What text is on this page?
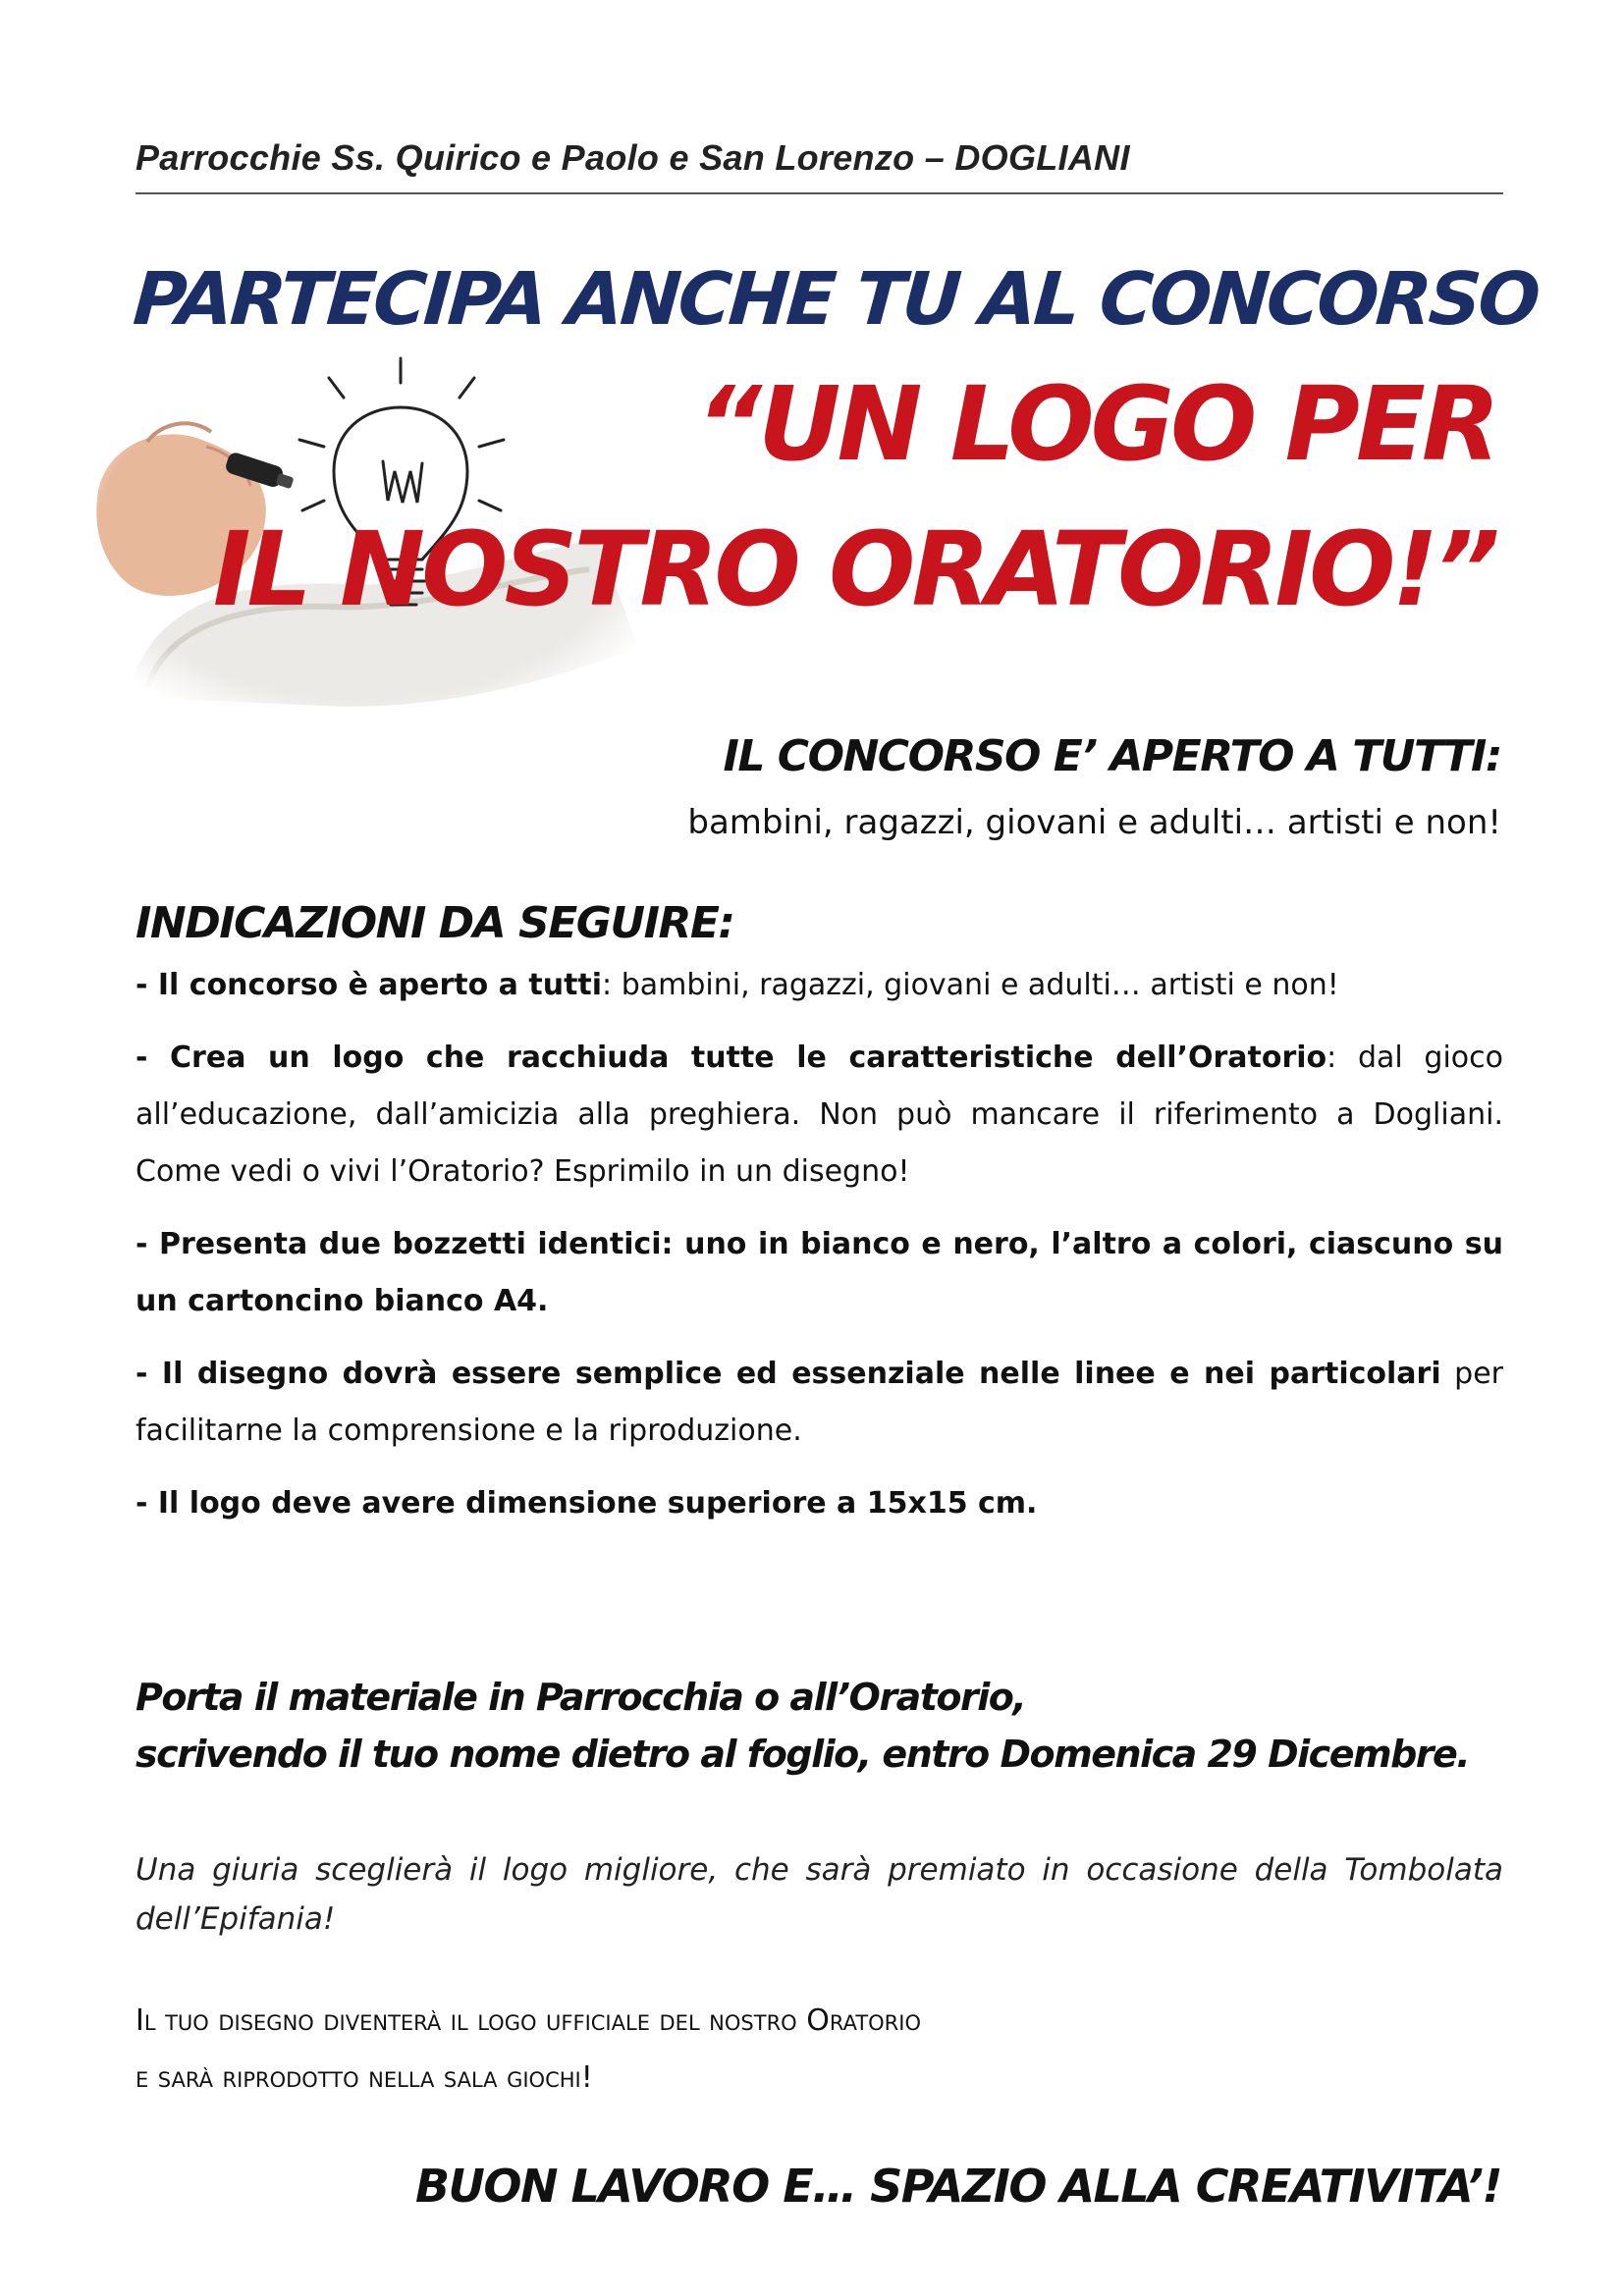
Parrocchie Ss. Quirico e Paolo e San Lorenzo – DOGLIANI
PARTECIPA ANCHE TU AL CONCORSO
“UN LOGO PER
IL NOSTRO ORATORIO!”
IL CONCORSO E’ APERTO A TUTTI:
bambini, ragazzi, giovani e adulti… artisti e non!
INDICAZIONI DA SEGUIRE:
- Il concorso è aperto a tutti: bambini, ragazzi, giovani e adulti… artisti e non!
- Crea un logo che racchiuda tutte le caratteristiche dell’Oratorio: dal gioco all’educazione, dall’amicizia alla preghiera. Non può mancare il riferimento a Dogliani. Come vedi o vivi l’Oratorio? Esprimilo in un disegno!
- Presenta due bozzetti identici: uno in bianco e nero, l’altro a colori, ciascuno su un cartoncino bianco A4.
- Il disegno dovrà essere semplice ed essenziale nelle linee e nei particolari per facilitarne la comprensione e la riproduzione.
- Il logo deve avere dimensione superiore a 15x15 cm.
Porta il materiale in Parrocchia o all’Oratorio,
scrivendo il tuo nome dietro al foglio, entro Domenica 29 Dicembre.
Una giuria sceglierà il logo migliore, che sarà premiato in occasione della Tombolata dell’Epifania!
Il tuo disegno diventerà il logo ufficiale del nostro Oratorio
e sarà riprodotto nella sala giochi!
BUON LAVORO E… SPAZIO ALLA CREATIVITA’!
